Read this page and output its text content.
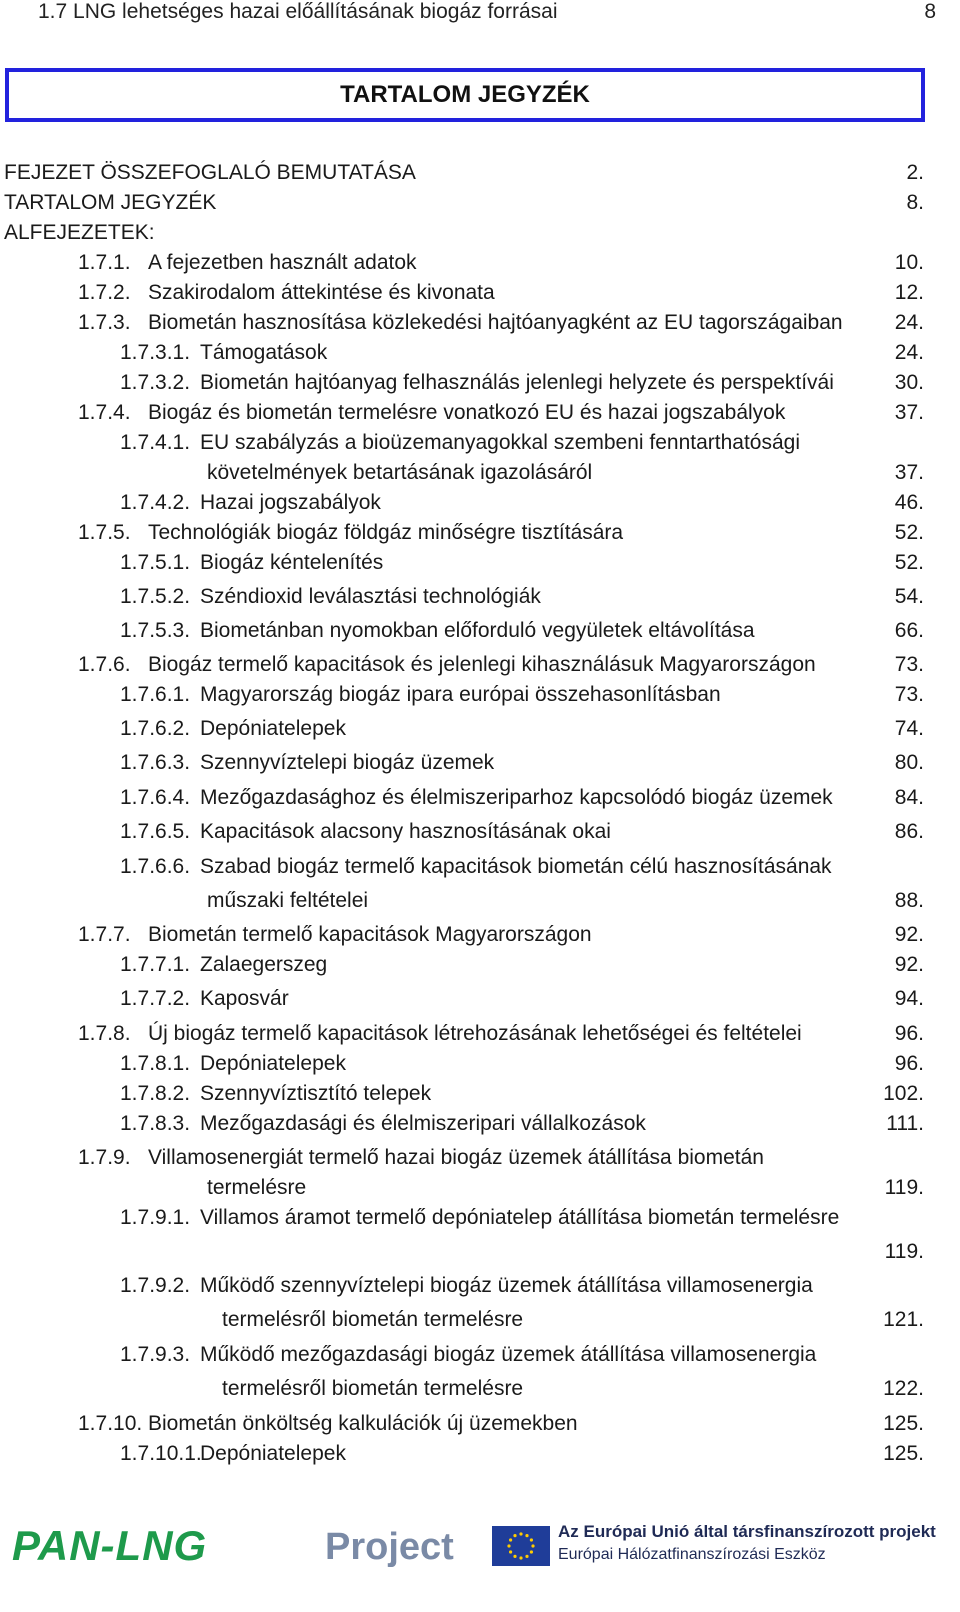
1.7 LNG lehetséges hazai előállításának biogáz forrásai	8
TARTALOM JEGYZÉK
FEJEZET ÖSSZEFOGLALÓ BEMUTATÁSA	2.
TARTALOM JEGYZÉK	8.
ALFEJEZETEK:
1.7.1. A fejezetben használt adatok	10.
1.7.2. Szakirodalom áttekintése és kivonata	12.
1.7.3. Biometán hasznosítása közlekedési hajtóanyagként az EU tagországaiban 24.
1.7.3.1. Támogatások	24.
1.7.3.2. Biometán hajtóanyag felhasználás jelenlegi helyzete és perspektívái	30.
1.7.4. Biogáz és biometán termelésre vonatkozó EU és hazai jogszabályok	37.
1.7.4.1. EU szabályzás a bioüzemanyagokkal szembeni fenntarthatósági
követelmények betartásának igazolásáról	37.
1.7.4.2. Hazai jogszabályok	46.
1.7.5. Technológiák biogáz földgáz minőségre tisztítására	52.
1.7.5.1. Biogáz kéntelenítés	52.
1.7.5.2. Széndioxid leválasztási technológiák	54.
1.7.5.3. Biometánban nyomokban előforduló vegyületek eltávolítása	66.
1.7.6. Biogáz termelő kapacitások és jelenlegi kihasználásuk Magyarországon	73.
1.7.6.1. Magyarország biogáz ipara európai összehasonlításban	73.
1.7.6.2. Depóniatelepek	74.
1.7.6.3. Szennyvíztelepi biogáz üzemek	80.
1.7.6.4. Mezőgazdasághoz és élelmiszeriparhoz kapcsolódó biogáz üzemek	84.
1.7.6.5. Kapacitások alacsony hasznosításának okai	86.
1.7.6.6. Szabad biogáz termelő kapacitások biometán célú hasznosításának
műszaki feltételei	88.
1.7.7. Biometán termelő kapacitások Magyarországon	92.
1.7.7.1. Zalaegerszeg	92.
1.7.7.2. Kaposvár	94.
1.7.8. Új biogáz termelő kapacitások létrehozásának lehetőségei és feltételei	96.
1.7.8.1. Depóniatelepek	96.
1.7.8.2. Szennyvíztisztító telepek	102.
1.7.8.3. Mezőgazdasági és élelmiszeripari vállalkozások	111.
1.7.9. Villamosenergiát termelő hazai biogáz üzemek átállítása biometán
termelésre	119.
1.7.9.1. Villamos áramot termelő depóniatelep átállítása biometán termelésre
119.
1.7.9.2. Működő szennyvíztelepi biogáz üzemek átállítása villamosenergia
termelésről biometán termelésre	121.
1.7.9.3. Működő mezőgazdasági biogáz üzemek átállítása villamosenergia
termelésről biometán termelésre	122.
1.7.10. Biometán önköltség kalkulációk új üzemekben	125.
1.7.10.1.
Depóniatelepek	125.
PAN-LNG	Project	Az Európai Unió által társfinanszírozott projekt
Európai Hálózatfinanszírozási Eszköz
